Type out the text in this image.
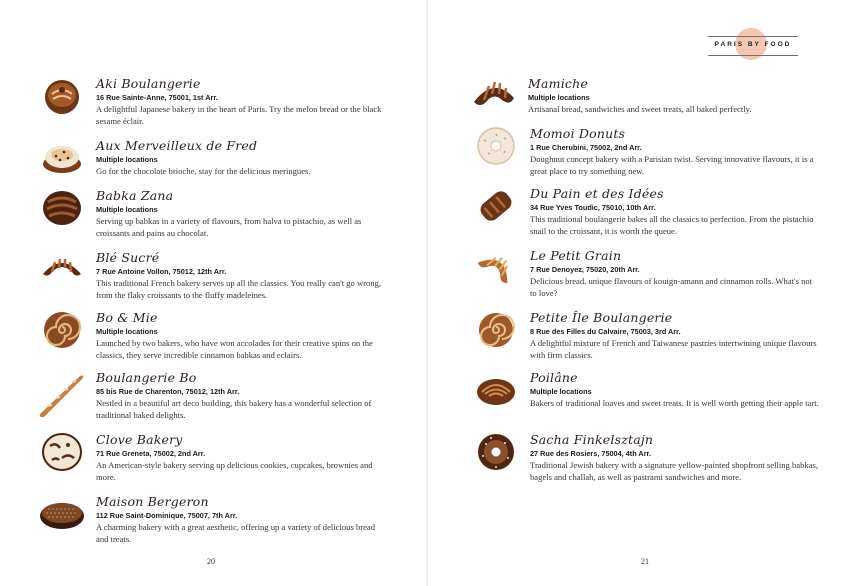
PARIS BY FOOD
Aki Boulangerie
16 Rue Sainte-Anne, 75001, 1st Arr.
A delightful Japanese bakery in the heart of Paris. Try the melon bread or the black sesame éclair.
Aux Merveilleux de Fred
Multiple locations
Go for the chocolate brioche, stay for the delicious meringues.
Babka Zana
Multiple locations
Serving up babkas in a variety of flavours, from halva to pistachio, as well as croissants and pains au chocolat.
Blé Sucré
7 Rue Antoine Vollon, 75012, 12th Arr.
This traditional French bakery serves up all the classics. You really can't go wrong, from the flaky croissants to the fluffy madeleines.
Bo & Mie
Multiple locations
Launched by two bakers, who have won accolades for their creative spins on the classics, they serve incredible cinnamon babkas and eclairs.
Boulangerie Bo
85 bis Rue de Charenton, 75012, 12th Arr.
Nestled in a beautiful art deco building, this bakery has a wonderful selection of traditional baked delights.
Clove Bakery
71 Rue Greneta, 75002, 2nd Arr.
An American-style bakery serving up delicious cookies, cupcakes, brownies and more.
Maison Bergeron
112 Rue Saint-Dominique, 75007, 7th Arr.
A charming bakery with a great aesthetic, offering up a variety of delicious bread and treats.
20
Mamiche
Multiple locations
Artisanal bread, sandwiches and sweet treats, all baked perfectly.
Momoi Donuts
1 Rue Cherubini, 75002, 2nd Arr.
Doughnut concept bakery with a Parisian twist. Serving innovative flavours, it is a great place to try something new.
Du Pain et des Idées
34 Rue Yves Toudic, 75010, 10th Arr.
This traditional boulangerie bakes all the classics to perfection. From the pistachio snail to the croissant, it is worth the queue.
Le Petit Grain
7 Rue Denoyez, 75020, 20th Arr.
Delicious bread, unique flavours of kouign-amann and cinnamon rolls. What's not to love?
Petite Île Boulangerie
8 Rue des Filles du Calvaire, 75003, 3rd Arr.
A delightful mixture of French and Taiwanese pastries intertwining unique flavours with firm classics.
Poilâne
Multiple locations
Bakers of traditional loaves and sweet treats. It is well worth getting their apple tart.
Sacha Finkelsztajn
27 Rue des Rosiers, 75004, 4th Arr.
Traditional Jewish bakery with a signature yellow-painted shopfront selling babkas, bagels and challah, as well as pastrami sandwiches and more.
21
